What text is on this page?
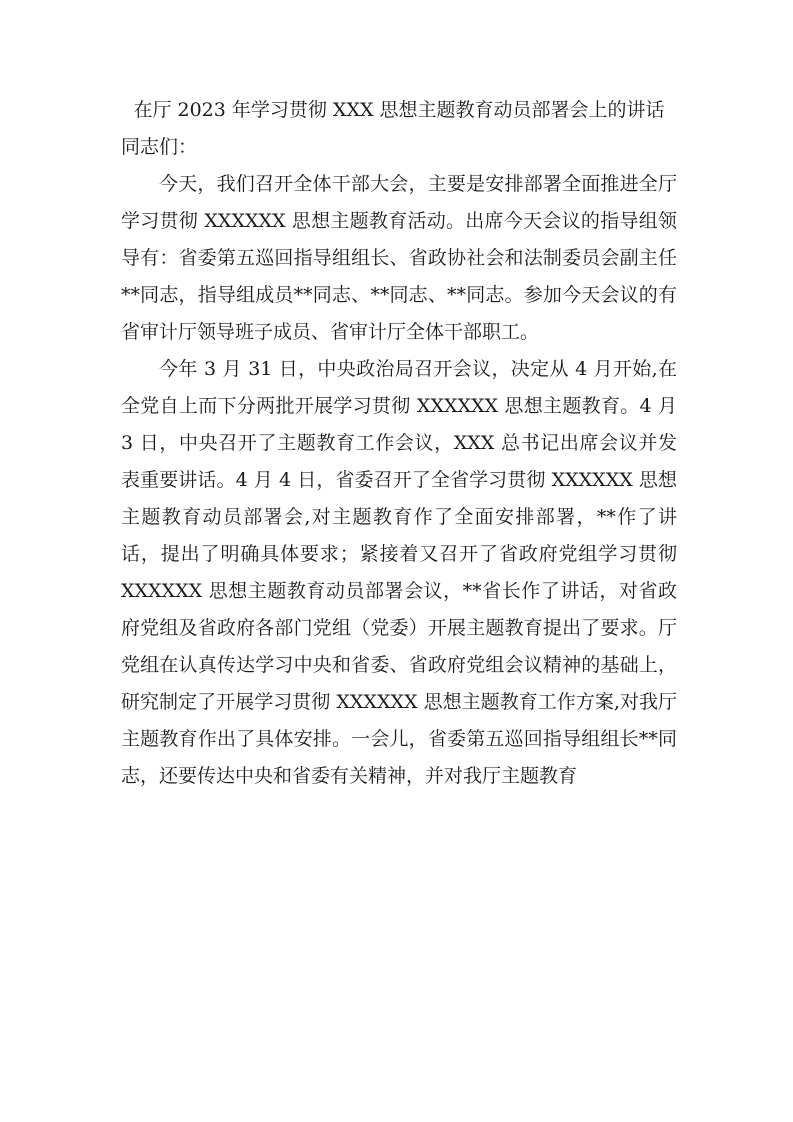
在厅 2023 年学习贯彻 XXX 思想主题教育动员部署会上的讲话

同志们：

今天，我们召开全体干部大会，主要是安排部署全面推进全厅学习贯彻 XXXXXX 思想主题教育活动。出席今天会议的指导组领导有：省委第五巡回指导组组长、省政协社会和法制委员会副主任**同志，指导组成员**同志、**同志、**同志。参加今天会议的有省审计厅领导班子成员、省审计厅全体干部职工。

今年 3 月 31 日，中央政治局召开会议，决定从 4 月开始,在全党自上而下分两批开展学习贯彻 XXXXXX 思想主题教育。4 月 3 日，中央召开了主题教育工作会议，XXX 总书记出席会议并发表重要讲话。4 月 4 日，省委召开了全省学习贯彻 XXXXXX 思想主题教育动员部署会,对主题教育作了全面安排部署，**作了讲话，提出了明确具体要求；紧接着又召开了省政府党组学习贯彻 XXXXXX 思想主题教育动员部署会议，**省长作了讲话，对省政府党组及省政府各部门党组（党委）开展主题教育提出了要求。厅党组在认真传达学习中央和省委、省政府党组会议精神的基础上，研究制定了开展学习贯彻 XXXXXX 思想主题教育工作方案,对我厅主题教育作出了具体安排。一会儿，省委第五巡回指导组组长**同志，还要传达中央和省委有关精神，并对我厅主题教育
